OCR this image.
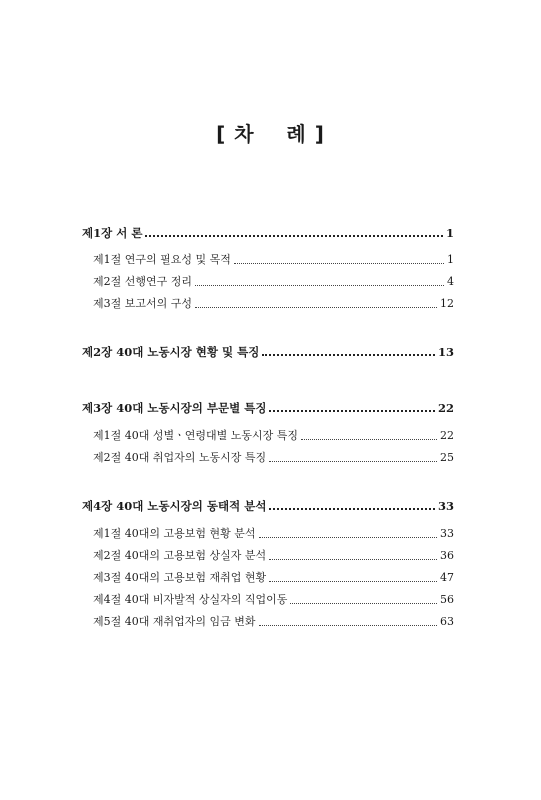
[ 차    례 ]
제1장 서 론	1
제1절 연구의 필요성 및 목적	1
제2절 선행연구 정리	4
제3절 보고서의 구성	12
제2장 40대 노동시장 현황 및 특징	13
제3장 40대 노동시장의 부문별 특징	22
제1절 40대 성별ㆍ연령대별 노동시장 특징	22
제2절 40대 취업자의 노동시장 특징	25
제4장 40대 노동시장의 동태적 분석	33
제1절 40대의 고용보험 현황 분석	33
제2절 40대의 고용보험 상실자 분석	36
제3절 40대의 고용보험 재취업 현황	47
제4절 40대 비자발적 상실자의 직업이동	56
제5절 40대 재취업자의 임금 변화	63
